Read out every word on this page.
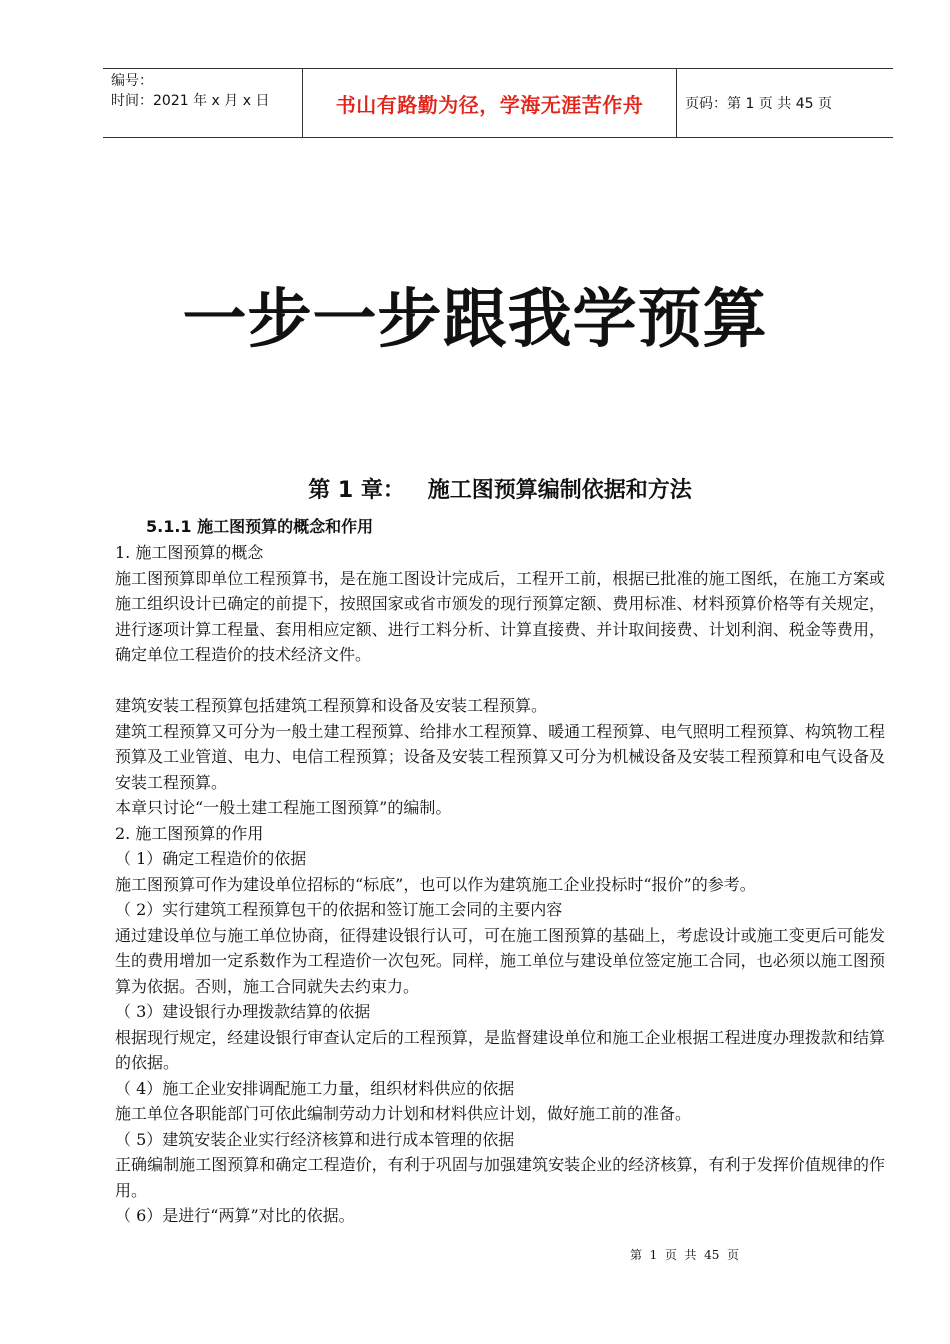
编号：
时间：2021 年 x 月 x 日	书山有路勤为径，学海无涯苦作舟	页码：第 1 页 共 45 页
一步一步跟我学预算
第 1 章：   施工图预算编制依据和方法
5.1.1 施工图预算的概念和作用

1. 施工图预算的概念

施工图预算即单位工程预算书，是在施工图设计完成后，工程开工前，根据已批准的施工图纸，在施工方案或施工组织设计已确定的前提下，按照国家或省市颁发的现行预算定额、费用标准、材料预算价格等有关规定，进行逐项计算工程量、套用相应定额、进行工料分析、计算直接费、并计取间接费、计划利润、税金等费用，确定单位工程造价的技术经济文件。

建筑安装工程预算包括建筑工程预算和设备及安装工程预算。

建筑工程预算又可分为一般土建工程预算、给排水工程预算、暖通工程预算、电气照明工程预算、构筑物工程预算及工业管道、电力、电信工程预算；设备及安装工程预算又可分为机械设备及安装工程预算和电气设备及安装工程预算。

本章只讨论“一般土建工程施工图预算”的编制。

2. 施工图预算的作用

（ 1）确定工程造价的依据

施工图预算可作为建设单位招标的“标底”，也可以作为建筑施工企业投标时“报价”的参考。

（ 2）实行建筑工程预算包干的依据和签订施工会同的主要内容

通过建设单位与施工单位协商，征得建设银行认可，可在施工图预算的基础上，考虑设计或施工变更后可能发生的费用增加一定系数作为工程造价一次包死。同样，施工单位与建设单位签定施工合同，也必须以施工图预算为依据。否则，施工合同就失去约束力。

（ 3）建设银行办理拨款结算的依据

根据现行规定，经建设银行审查认定后的工程预算，是监督建设单位和施工企业根据工程进度办理拨款和结算的依据。

（ 4）施工企业安排调配施工力量，组织材料供应的依据

施工单位各职能部门可依此编制劳动力计划和材料供应计划，做好施工前的准备。

（ 5）建筑安装企业实行经济核算和进行成本管理的依据

正确编制施工图预算和确定工程造价，有利于巩固与加强建筑安装企业的经济核算，有利于发挥价值规律的作用。

（ 6）是进行“两算”对比的依据。

第  1  页  共  45  页
